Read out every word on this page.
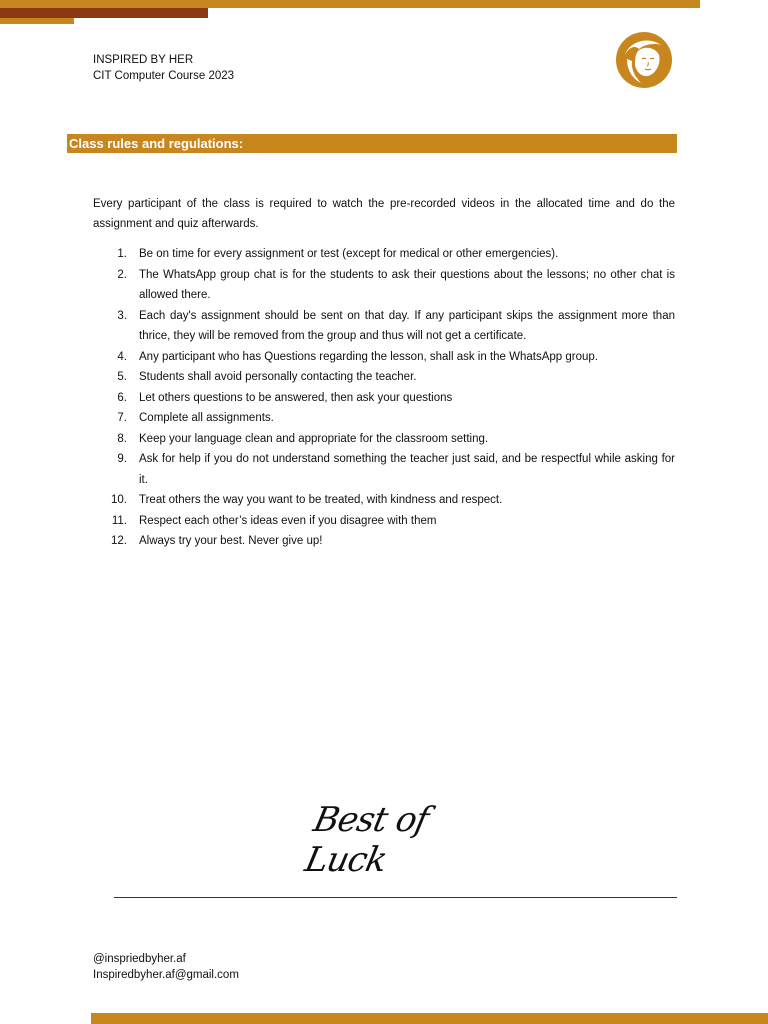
INSPIRED BY HER
CIT Computer Course 2023
Class rules and regulations:

Every participant of the class is required to watch the pre-recorded videos in the allocated time and do the assignment and quiz afterwards.

1. Be on time for every assignment or test (except for medical or other emergencies).
2. The WhatsApp group chat is for the students to ask their questions about the lessons; no other chat is allowed there.
3. Each day's assignment should be sent on that day. If any participant skips the assignment more than thrice, they will be removed from the group and thus will not get a certificate.
4. Any participant who has Questions regarding the lesson, shall ask in the WhatsApp group.
5. Students shall avoid personally contacting the teacher.
6. Let others questions to be answered, then ask your questions
7. Complete all assignments.
8. Keep your language clean and appropriate for the classroom setting.
9. Ask for help if you do not understand something the teacher just said, and be respectful while asking for it.
10. Treat others the way you want to be treated, with kindness and respect.
11. Respect each other’s ideas even if you disagree with them
12. Always try your best. Never give up!
Best of Luck
@inspriedbyher.af
Inspiredbyher.af@gmail.com
